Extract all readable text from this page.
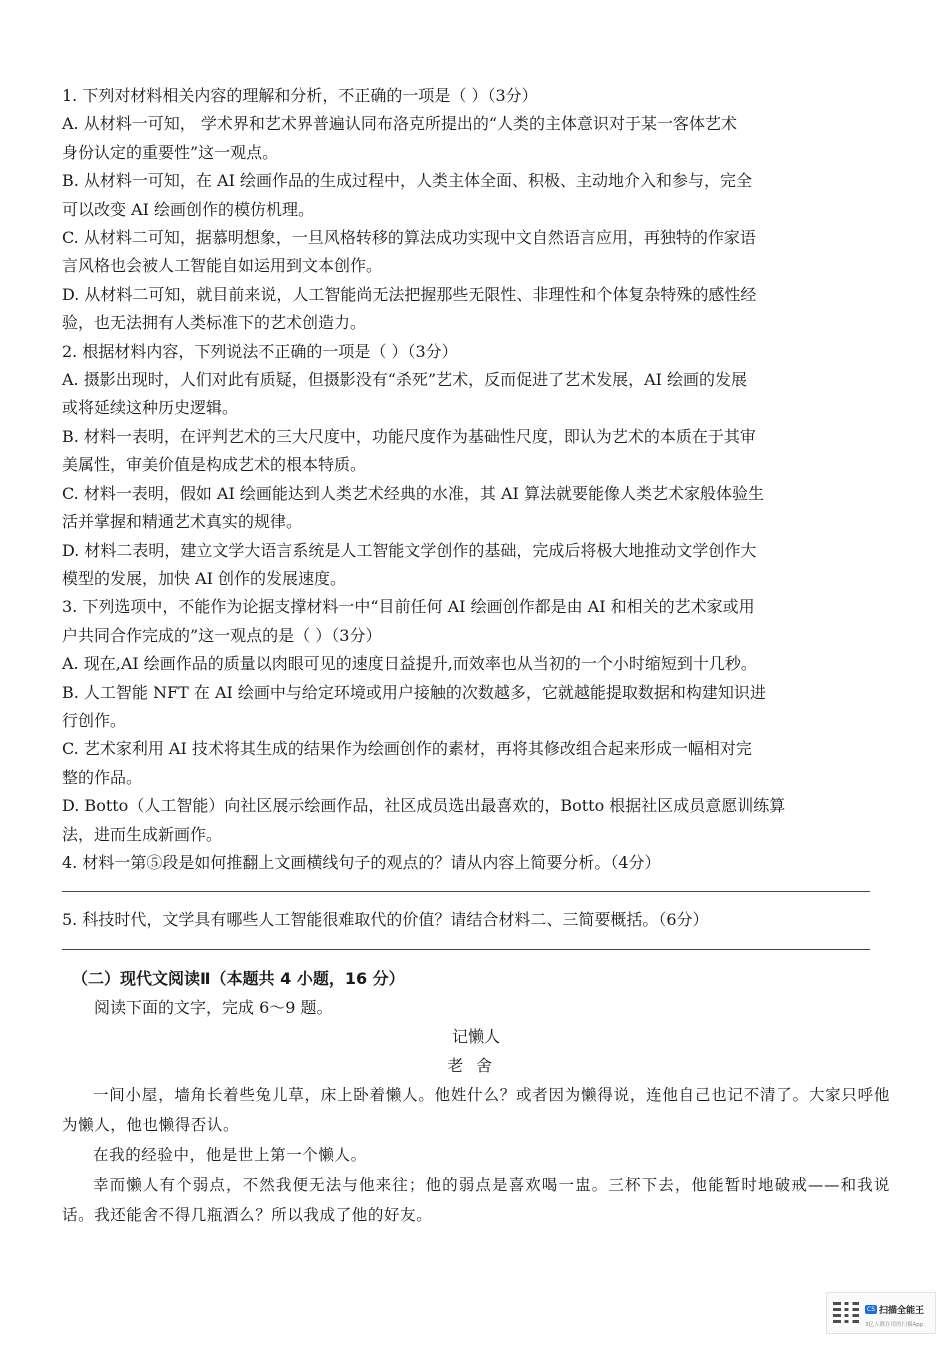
1. 下列对材料相关内容的理解和分析，不正确的一项是（ ）（3分）
A. 从材料一可知， 学术界和艺术界普遍认同布洛克所提出的“人类的主体意识对于某一客体艺术
身份认定的重要性”这一观点。
B. 从材料一可知，在 AI 绘画作品的生成过程中，人类主体全面、积极、主动地介入和参与，完全
可以改变 AI 绘画创作的模仿机理。
C. 从材料二可知，据慕明想象，一旦风格转移的算法成功实现中文自然语言应用，再独特的作家语
言风格也会被人工智能自如运用到文本创作。
D. 从材料二可知，就目前来说，人工智能尚无法把握那些无限性、非理性和个体复杂特殊的感性经
验，也无法拥有人类标准下的艺术创造力。
2. 根据材料内容，下列说法不正确的一项是（ ）（3分）
A. 摄影出现时，人们对此有质疑，但摄影没有“杀死”艺术，反而促进了艺术发展，AI 绘画的发展
或将延续这种历史逻辑。
B. 材料一表明，在评判艺术的三大尺度中，功能尺度作为基础性尺度，即认为艺术的本质在于其审
美属性，审美价值是构成艺术的根本特质。
C. 材料一表明，假如 AI 绘画能达到人类艺术经典的水准，其 AI 算法就要能像人类艺术家般体验生
活并掌握和精通艺术真实的规律。
D. 材料二表明，建立文学大语言系统是人工智能文学创作的基础，完成后将极大地推动文学创作大
模型的发展，加快 AI 创作的发展速度。
3. 下列选项中，不能作为论据支撑材料一中“目前任何 AI 绘画创作都是由 AI 和相关的艺术家或用
户共同合作完成的”这一观点的是（ ）（3分）
A. 现在,AI 绘画作品的质量以肉眼可见的速度日益提升,而效率也从当初的一个小时缩短到十几秒。
B. 人工智能 NFT 在 AI 绘画中与给定环境或用户接触的次数越多，它就越能提取数据和构建知识进
行创作。
C. 艺术家利用 AI 技术将其生成的结果作为绘画创作的素材，再将其修改组合起来形成一幅相对完
整的作品。
D. Botto（人工智能）向社区展示绘画作品，社区成员选出最喜欢的，Botto 根据社区成员意愿训练算
法，进而生成新画作。
4. 材料一第⑤段是如何推翻上文画横线句子的观点的？请从内容上简要分析。（4分）
5. 科技时代，文学具有哪些人工智能很难取代的价值？请结合材料二、三简要概括。（6分）
（二）现代文阅读Ⅱ（本题共 4 小题，16 分）
阅读下面的文字，完成 6～9 题。
记懒人
老舍
一间小屋，墙角长着些兔儿草，床上卧着懒人。他姓什么？或者因为懒得说，连他自己也记不清了。大家只呼他为懒人，他也懒得否认。
在我的经验中，他是世上第一个懒人。
幸而懒人有个弱点，不然我便无法与他来往；他的弱点是喜欢喝一盅。三杯下去，他能暂时地破戒——和我说话。我还能舍不得几瓶酒么？所以我成了他的好友。
CS 扫描全能王
3亿人都在用的扫描App
